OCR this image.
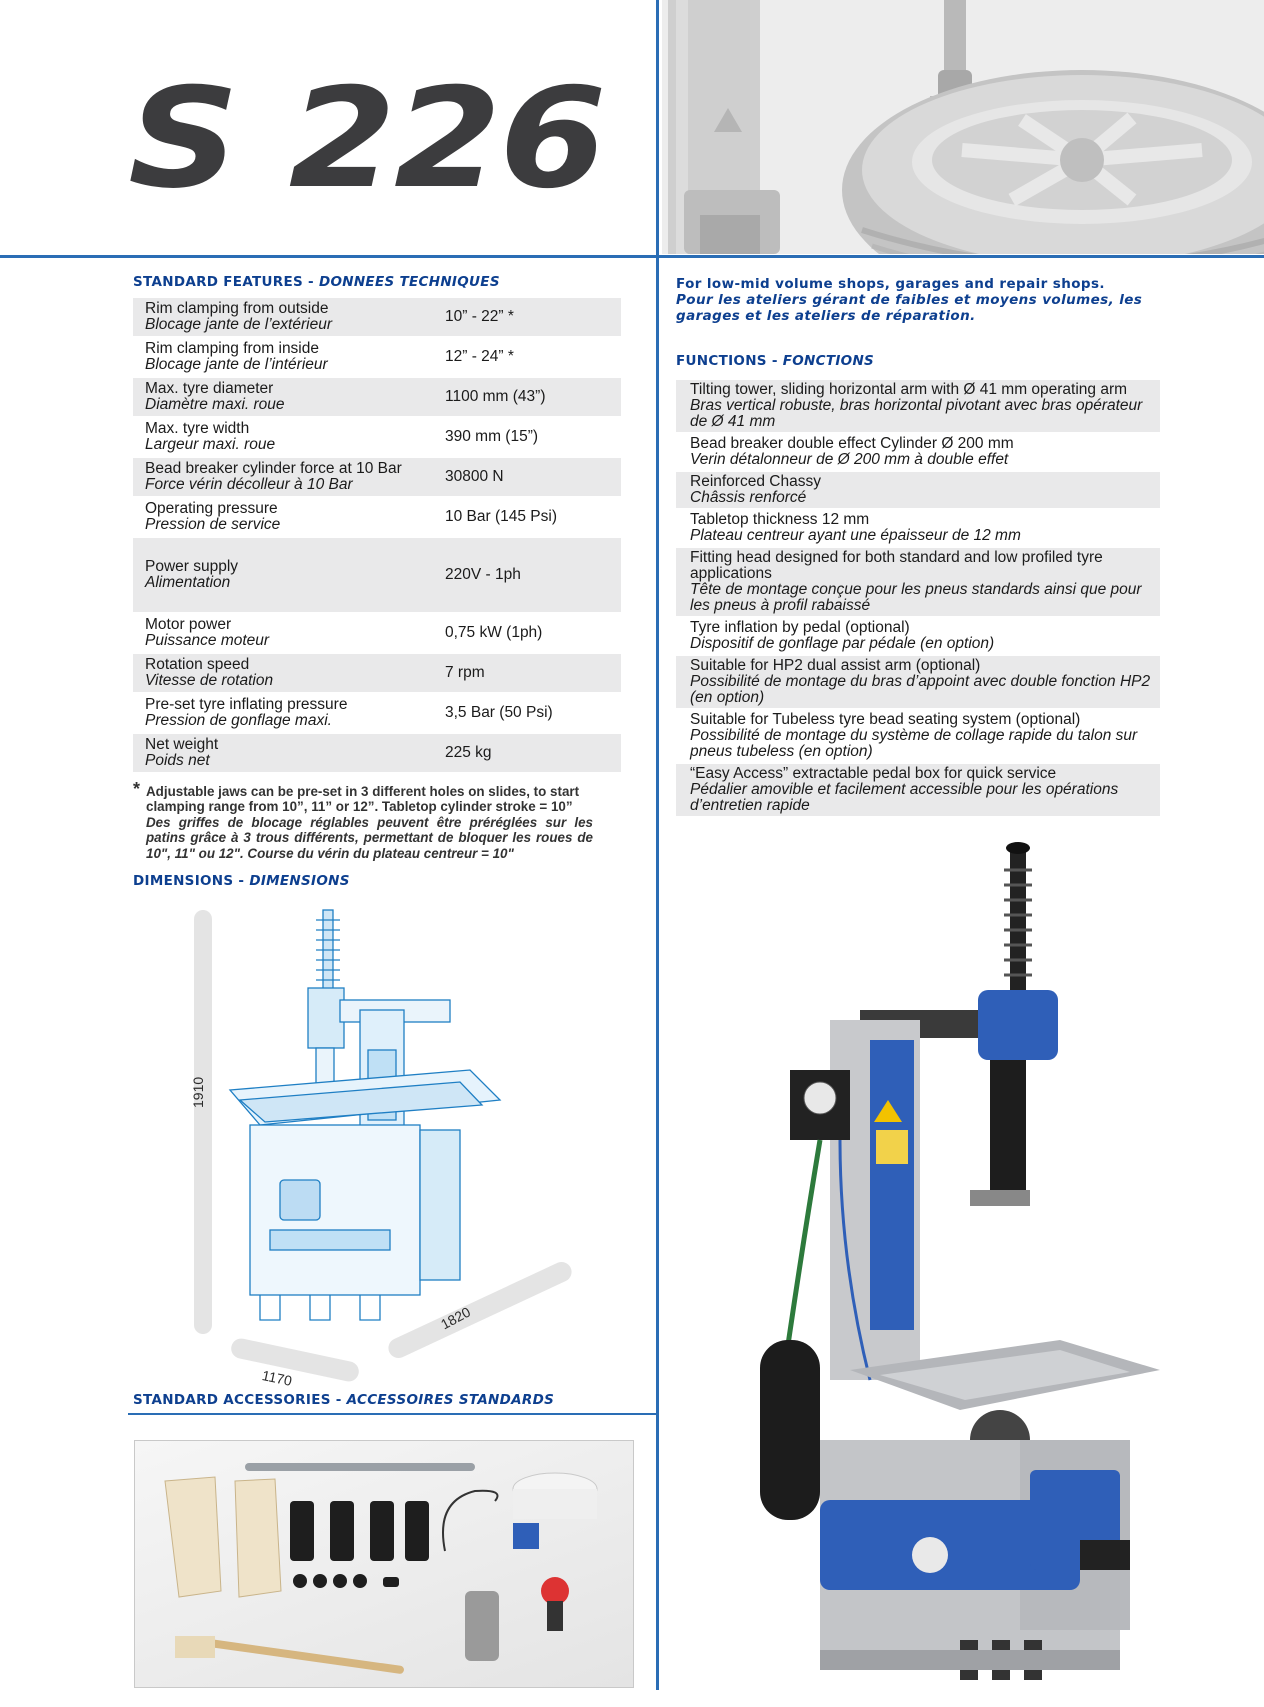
S 226
STANDARD FEATURES - DONNEES TECHNIQUES
Rim clamping from outside
Blocage jante de l’extérieur	10” - 22” *
Rim clamping from inside
Blocage jante de l’intérieur	12” - 24” *
Max. tyre diameter
Diamètre maxi. roue	1100 mm (43”)
Max. tyre width
Largeur maxi. roue	390 mm (15”)
Bead breaker cylinder force at 10 Bar
Force vérin décolleur à 10 Bar	30800 N
Operating pressure
Pression de service	10 Bar (145 Psi)
Power supply
Alimentation	220V - 1ph
Motor power
Puissance moteur	0,75 kW (1ph)
Rotation speed
Vitesse de rotation	7 rpm
Pre-set tyre inflating pressure
Pression de gonflage maxi.	3,5 Bar (50 Psi)
Net weight
Poids net	225 kg
* Adjustable jaws can be pre-set in 3 different holes on slides, to start clamping range from 10”, 11” or 12”. Tabletop cylinder stroke = 10”
Des griffes de blocage réglables peuvent être préréglées sur les patins grâce à 3 trous différents, permettant de bloquer les roues de 10", 11" ou 12". Course du vérin du plateau centreur = 10"
DIMENSIONS - DIMENSIONS
1910
1170
1820
STANDARD ACCESSORIES - ACCESSOIRES STANDARDS
For low-mid volume shops, garages and repair shops.
Pour les ateliers gérant de faibles et moyens volumes, les garages et les ateliers de réparation.
FUNCTIONS - FONCTIONS
Tilting tower, sliding horizontal arm with Ø 41 mm operating arm
Bras vertical robuste, bras horizontal pivotant avec bras opérateur de Ø 41 mm
Bead breaker double effect Cylinder Ø 200 mm
Verin détalonneur de Ø 200 mm à double effet
Reinforced Chassy
Châssis renforcé
Tabletop thickness 12 mm
Plateau centreur ayant une épaisseur de 12 mm
Fitting head designed for both standard and low profiled tyre applications
Tête de montage conçue pour les pneus standards ainsi que pour les pneus à profil rabaissé
Tyre inflation by pedal (optional)
Dispositif de gonflage par pédale (en option)
Suitable for HP2 dual assist arm (optional)
Possibilité de montage du bras d’appoint avec double fonction HP2 (en option)
Suitable for Tubeless tyre bead seating system (optional)
Possibilité de montage du système de collage rapide du talon sur pneus tubeless (en option)
“Easy Access” extractable pedal box for quick service
Pédalier amovible et facilement accessible pour les opérations d’entretien rapide
